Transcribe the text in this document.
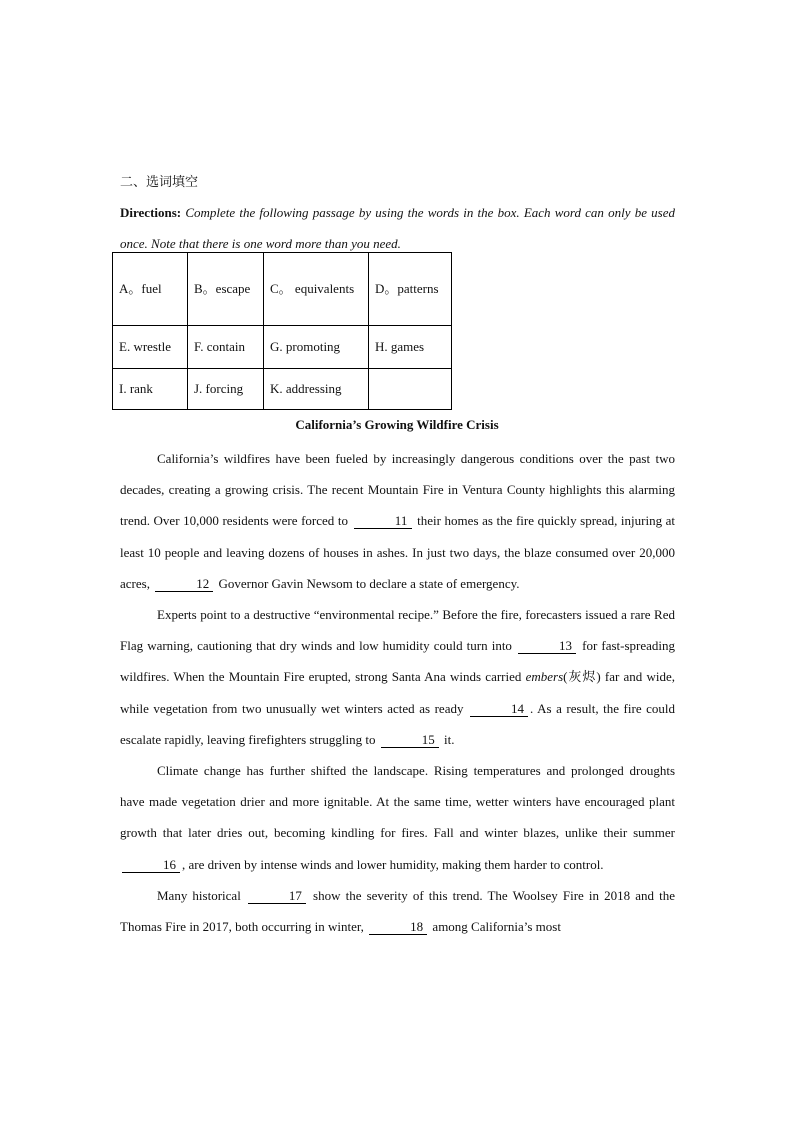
二、选词填空
Directions: Complete the following passage by using the words in the box. Each word can only be used once. Note that there is one word more than you need.
A。fuel	B。escape	C。 equivalents	D。patterns
E. wrestle	F. contain	G. promoting	H. games
I. rank	J. forcing	K. addressing	
California’s Growing Wildfire Crisis

California’s wildfires have been fueled by increasingly dangerous conditions over the past two decades, creating a growing crisis. The recent Mountain Fire in Ventura County highlights this alarming trend. Over 10,000 residents were forced to	11 their homes as the fire quickly spread, injuring at least 10 people and leaving dozens of houses in ashes. In just two days, the blaze consumed over 20,000 acres,	12 Governor Gavin Newsom to declare a state of emergency.

Experts point to a destructive “environmental recipe.” Before the fire, forecasters issued a rare Red Flag warning, cautioning that dry winds and low humidity could turn into	13 for fast-spreading wildfires. When the Mountain Fire erupted, strong Santa Ana winds carried embers(灰烬) far and wide, while vegetation from two unusually wet winters acted as ready	14 . As a result, the fire could escalate rapidly, leaving firefighters struggling to	15 it.

Climate change has further shifted the landscape. Rising temperatures and prolonged droughts have made vegetation drier and more ignitable. At the same time, wetter winters have encouraged plant growth that later dries out, becoming kindling for fires. Fall and winter blazes, unlike their summer 16 , are driven by intense winds and lower humidity, making them harder to control.

Many historical	17 show the severity of this trend. The Woolsey Fire in 2018 and the Thomas Fire in 2017, both occurring in winter,	18 among California’s most
